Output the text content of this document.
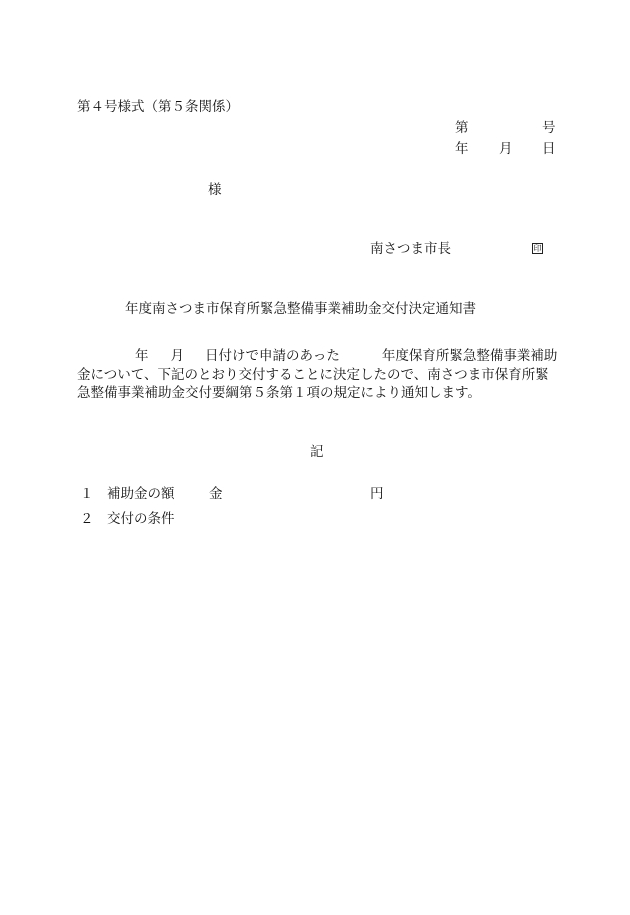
第４号様式（第５条関係）
第	号
年 月 日
様
南さつま市長	印
年度南さつま市保育所緊急整備事業補助金交付決定通知書
年 月 日付けで申請のあった	年度保育所緊急整備事業補助金について、下記のとおり交付することに決定したので、南さつま市保育所緊急整備事業補助金交付要綱第５条第１項の規定により通知します。
記
１ 補助金の額	金	円
２ 交付の条件
